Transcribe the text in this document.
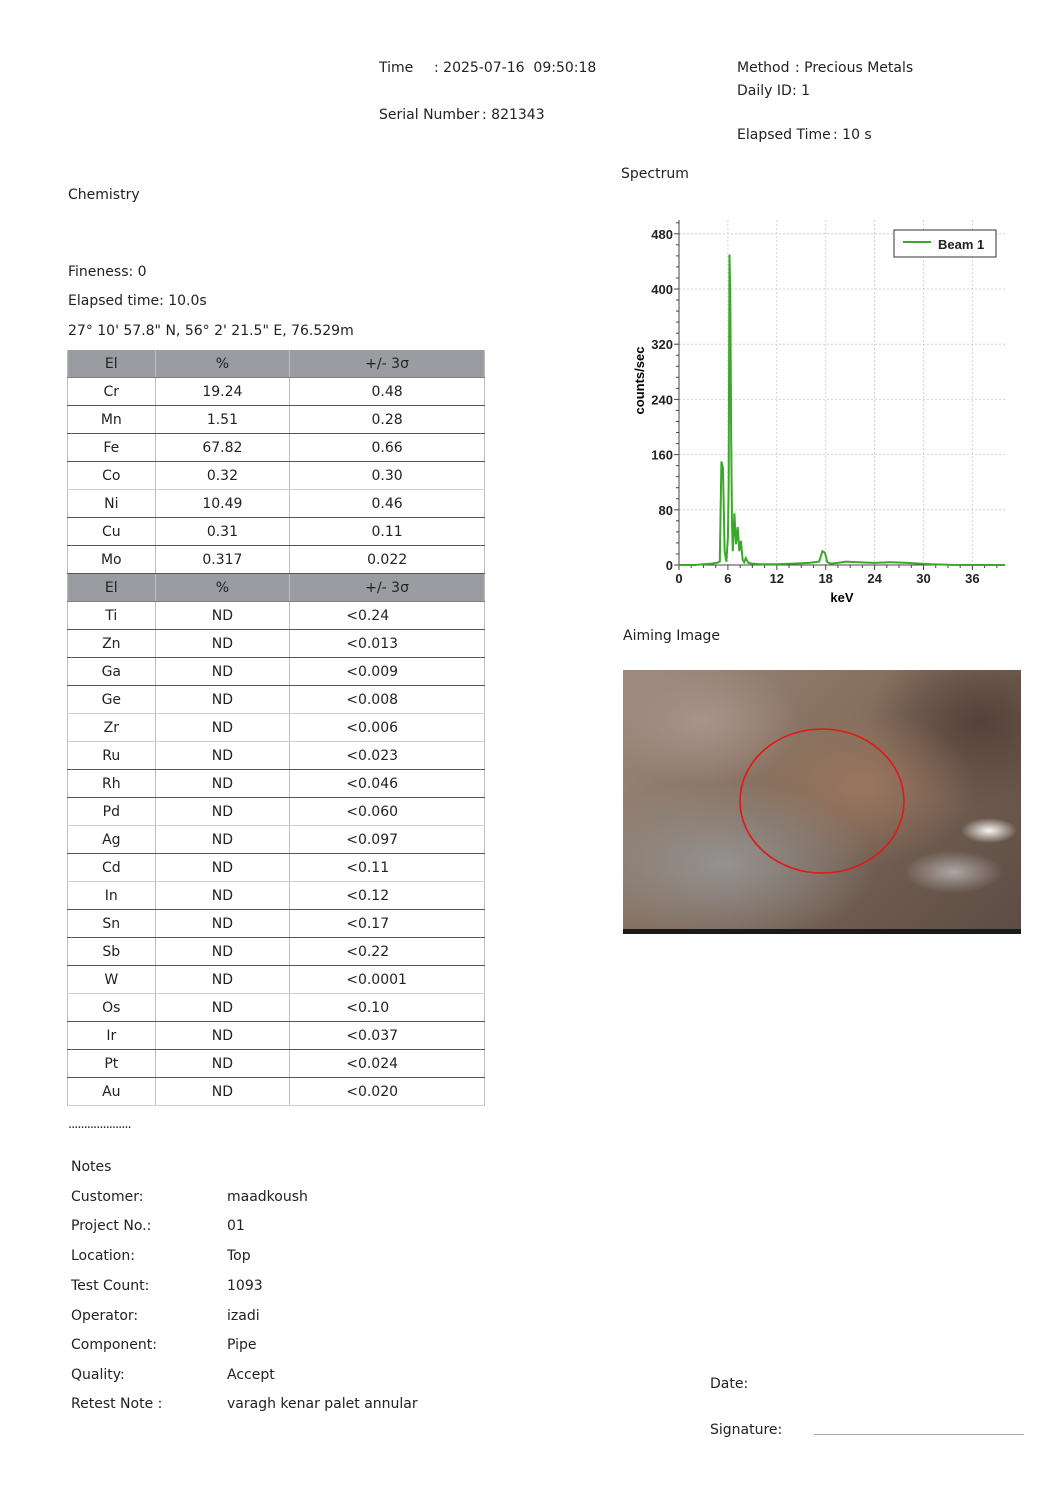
Time : 2025-07-16  09:50:18
Serial Number : 821343
Method : Precious Metals
Daily ID : 1
Elapsed Time : 10 s
Chemistry
Fineness: 0
Elapsed time: 10.0s
27° 10' 57.8" N, 56° 2' 21.5" E, 76.529m
El	%	+/- 3σ
Cr	19.24	0.48
Mn	1.51	0.28
Fe	67.82	0.66
Co	0.32	0.30
Ni	10.49	0.46
Cu	0.31	0.11
Mo	0.317	0.022
El	%	+/- 3σ
Ti	ND	<0.24
Zn	ND	<0.013
Ga	ND	<0.009
Ge	ND	<0.008
Zr	ND	<0.006
Ru	ND	<0.023
Rh	ND	<0.046
Pd	ND	<0.060
Ag	ND	<0.097
Cd	ND	<0.11
In	ND	<0.12
Sn	ND	<0.17
Sb	ND	<0.22
W	ND	<0.0001
Os	ND	<0.10
Ir	ND	<0.037
Pt	ND	<0.024
Au	ND	<0.020
....................
Spectrum
0
80
160
240
320
400
480
0	6	12	18	24	30	36
keV
counts/sec
Beam 1
Aiming Image
Notes
Customer:	maadkoush
Project No.:	01
Location:	Top
Test Count:	1093
Operator:	izadi
Component:	Pipe
Quality:	Accept
Retest Note :	varagh kenar palet annular
Date:
Signature:
